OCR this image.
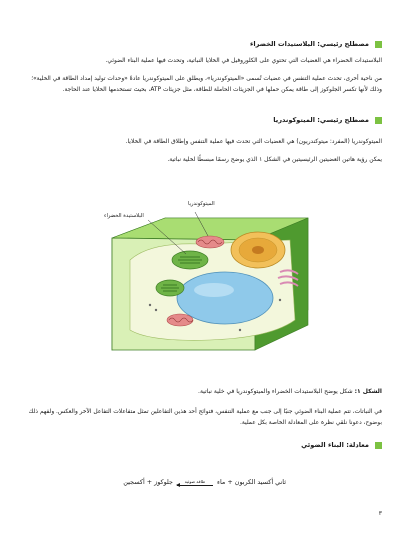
مصطلح رئيسي: البلاستيدات الخضراء

البلاستيدات الخضراء هي العضيات التي تحتوي على الكلوروفيل في الخلايا النباتية، وتحدث فيها عملية البناء الضوئي.

من ناحية أخرى، تحدث عملية التنفس في عضيات تُسمى «الميتوكوندريا»، ويطلق على الميتوكوندريا عادةً «وحدات توليد إمداد الطاقة في الخلية»؛ وذلك لأنها تكسر الجلوكوز إلى طاقة يمكن حملها في الجزيئات الحاملة للطاقة، مثل جزيئات ATP، بحيث تستخدمها الخلايا عند الحاجة.

مصطلح رئيسي: الميتوكوندريا

الميتوكوندريا (المفرد: ميتوكندريون) هي العضيات التي تحدث فيها عملية التنفس وإطلاق الطاقة في الخلايا.

يمكن رؤية هاتين العضيتين الرئيسيتين في الشكل ١ الذي يوضح رسمًا مبسطًا لخلية نباتية.

الميتوكوندريا
البلاستيدة الخضراء

الشكل ١: شكل يوضح البلاستيدات الخضراء والميتوكوندريا في خلية نباتية.

في النباتات، تتم عملية البناء الضوئي جنبًا إلى جنب مع عملية التنفس، فتوائج أحد هذين التفاعلين تمثل متفاعلات التفاعل الآخر والعكس. ولفهم ذلك بوضوح، دعونا نلقي نظرة على المعادلة الخاصة بكل عملية.

معادلة: البناء الضوئي
ثاني أكسيد الكربون + ماء
طاقة ضوئية
جلوكوز + أكسجين
٣
